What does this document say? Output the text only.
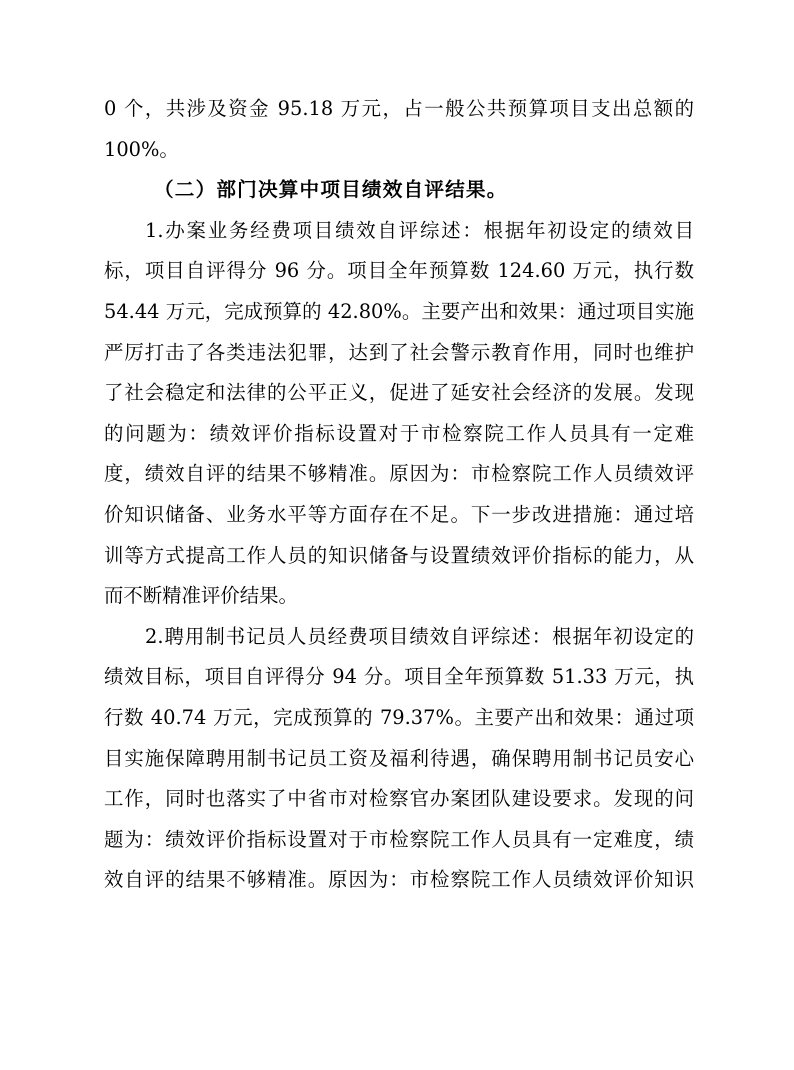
0 个，共涉及资金 95.18 万元，占一般公共预算项目支出总额的
100%。
（二）部门决算中项目绩效自评结果。
1.办案业务经费项目绩效自评综述：根据年初设定的绩效目
标，项目自评得分 96 分。项目全年预算数 124.60 万元，执行数
54.44 万元，完成预算的 42.80%。主要产出和效果：通过项目实施
严厉打击了各类违法犯罪，达到了社会警示教育作用，同时也维护
了社会稳定和法律的公平正义，促进了延安社会经济的发展。发现
的问题为：绩效评价指标设置对于市检察院工作人员具有一定难
度，绩效自评的结果不够精准。原因为：市检察院工作人员绩效评
价知识储备、业务水平等方面存在不足。下一步改进措施：通过培
训等方式提高工作人员的知识储备与设置绩效评价指标的能力，从
而不断精准评价结果。
2.聘用制书记员人员经费项目绩效自评综述：根据年初设定的
绩效目标，项目自评得分 94 分。项目全年预算数 51.33 万元，执
行数 40.74 万元，完成预算的 79.37%。主要产出和效果：通过项
目实施保障聘用制书记员工资及福利待遇，确保聘用制书记员安心
工作，同时也落实了中省市对检察官办案团队建设要求。发现的问
题为：绩效评价指标设置对于市检察院工作人员具有一定难度，绩
效自评的结果不够精准。原因为：市检察院工作人员绩效评价知识
